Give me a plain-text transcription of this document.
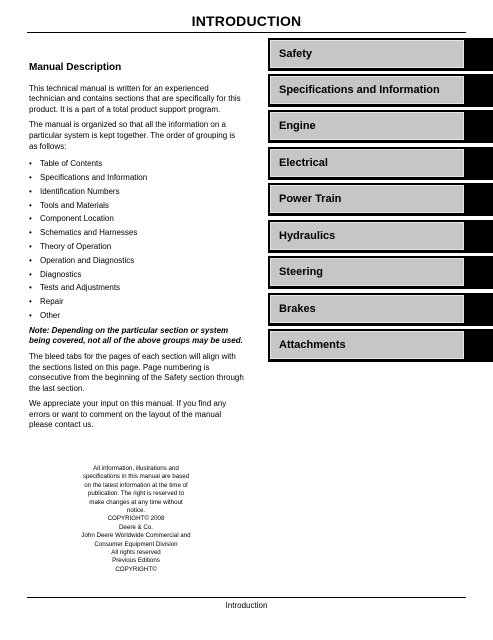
INTRODUCTION
Manual Description

This technical manual is written for an experienced technician and contains sections that are specifically for this product. It is a part of a total product support program.

The manual is organized so that all the information on a particular system is kept together. The order of grouping is as follows:

• Table of Contents
• Specifications and Information
• Identification Numbers
• Tools and Materials
• Component Location
• Schematics and Harnesses
• Theory of Operation
• Operation and Diagnostics
• Diagnostics
• Tests and Adjustments
• Repair
• Other

Note: Depending on the particular section or system being covered, not all of the above groups may be used.

The bleed tabs for the pages of each section will align with the sections listed on this page. Page numbering is consecutive from the beginning of the Safety section through the last section.

We appreciate your input on this manual. If you find any errors or want to comment on the layout of the manual please contact us.

Safety
Specifications and Information
Engine
Electrical
Power Train
Hydraulics
Steering
Brakes
Attachments
All information, illustrations and
specifications in this manual are based
on the latest information at the time of
publication. The right is reserved to
make changes at any time without
notice.
COPYRIGHT© 2008
Deere & Co.
John Deere Worldwide Commercial and
Consumer Equipment Division
All rights reserved
Previous Editions
COPYRIGHT©
Introduction
